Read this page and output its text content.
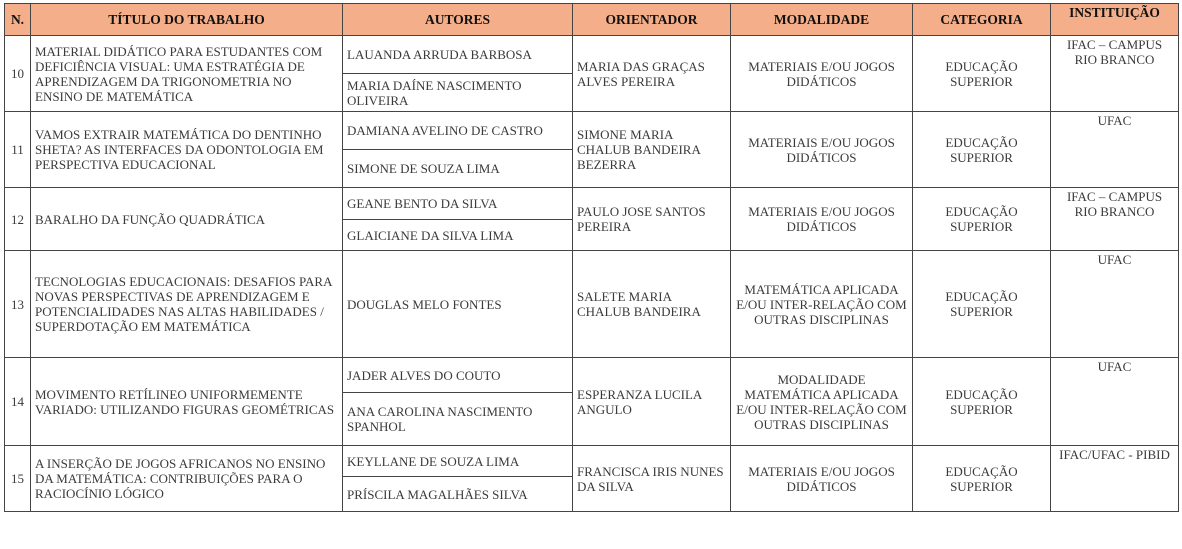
N.	TÍTULO DO TRABALHO	AUTORES	ORIENTADOR	MODALIDADE	CATEGORIA	INSTITUIÇÃO
10	MATERIAL DIDÁTICO PARA ESTUDANTES COM DEFICIÊNCIA VISUAL: UMA ESTRATÉGIA DE APRENDIZAGEM DA TRIGONOMETRIA NO ENSINO DE MATEMÁTICA	LAUANDA ARRUDA BARBOSA	MARIA DAS GRAÇAS ALVES PEREIRA	MATERIAIS E/OU JOGOS DIDÁTICOS	EDUCAÇÃO SUPERIOR	IFAC – CAMPUS RIO BRANCO
		MARIA DAÍNE NASCIMENTO OLIVEIRA				
11	VAMOS EXTRAIR MATEMÁTICA DO DENTINHO SHETA? AS INTERFACES DA ODONTOLOGIA EM PERSPECTIVA EDUCACIONAL	DAMIANA AVELINO DE CASTRO	SIMONE MARIA CHALUB BANDEIRA BEZERRA	MATERIAIS E/OU JOGOS DIDÁTICOS	EDUCAÇÃO SUPERIOR	UFAC
		SIMONE DE SOUZA LIMA				
12	BARALHO DA FUNÇÃO QUADRÁTICA	GEANE BENTO DA SILVA	PAULO JOSE SANTOS PEREIRA	MATERIAIS E/OU JOGOS DIDÁTICOS	EDUCAÇÃO SUPERIOR	IFAC – CAMPUS RIO BRANCO
		GLAICIANE DA SILVA LIMA				
13	TECNOLOGIAS EDUCACIONAIS: DESAFIOS PARA NOVAS PERSPECTIVAS DE APRENDIZAGEM E POTENCIALIDADES NAS ALTAS HABILIDADES / SUPERDOTAÇÃO EM MATEMÁTICA	DOUGLAS MELO FONTES	SALETE MARIA CHALUB BANDEIRA	MATEMÁTICA APLICADA E/OU INTER-RELAÇÃO COM OUTRAS DISCIPLINAS	EDUCAÇÃO SUPERIOR	UFAC
14	MOVIMENTO RETÍLINEO UNIFORMEMENTE VARIADO: UTILIZANDO FIGURAS GEOMÉTRICAS	JADER ALVES DO COUTO	ESPERANZA LUCILA ANGULO	MODALIDADE MATEMÁTICA APLICADA E/OU INTER-RELAÇÃO COM OUTRAS DISCIPLINAS	EDUCAÇÃO SUPERIOR	UFAC
		ANA CAROLINA NASCIMENTO SPANHOL				
15	A INSERÇÃO DE JOGOS AFRICANOS NO ENSINO DA MATEMÁTICA: CONTRIBUIÇÕES PARA O RACIOCÍNIO LÓGICO	KEYLLANE DE SOUZA LIMA	FRANCISCA IRIS NUNES DA SILVA	MATERIAIS E/OU JOGOS DIDÁTICOS	EDUCAÇÃO SUPERIOR	IFAC/UFAC - PIBID
		PRÍSCILA MAGALHÃES SILVA				
